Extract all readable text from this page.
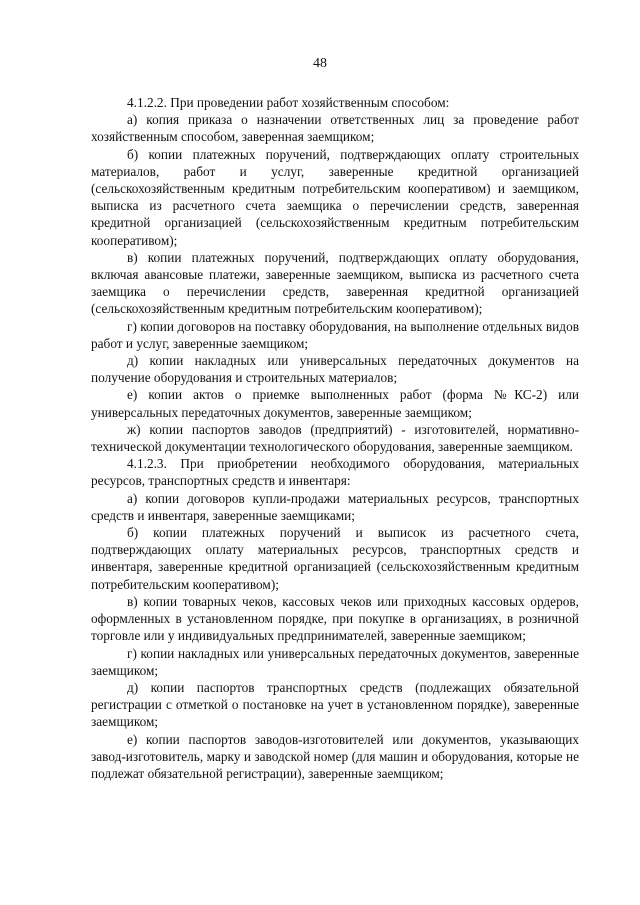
48

4.1.2.2. При проведении работ хозяйственным способом:

а) копия приказа о назначении ответственных лиц за проведение работ хозяйственным способом, заверенная заемщиком;

б) копии платежных поручений, подтверждающих оплату строительных материалов, работ и услуг, заверенные кредитной организацией (сельскохозяйственным кредитным потребительским кооперативом) и заемщиком, выписка из расчетного счета заемщика о перечислении средств, заверенная кредитной организацией (сельскохозяйственным кредитным потребительским кооперативом);

в) копии платежных поручений, подтверждающих оплату оборудования, включая авансовые платежи, заверенные заемщиком, выписка из расчетного счета заемщика о перечислении средств, заверенная кредитной организацией (сельскохозяйственным кредитным потребительским кооперативом);

г) копии договоров на поставку оборудования, на выполнение отдельных видов работ и услуг, заверенные заемщиком;

д) копии накладных или универсальных передаточных документов на получение оборудования и строительных материалов;

е) копии актов о приемке выполненных работ (форма №КС-2) или универсальных передаточных документов, заверенные заемщиком;

ж) копии паспортов заводов (предприятий) - изготовителей, нормативно-технической документации технологического оборудования, заверенные заемщиком.

4.1.2.3. При приобретении необходимого оборудования, материальных ресурсов, транспортных средств и инвентаря:

а) копии договоров купли-продажи материальных ресурсов, транспортных средств и инвентаря, заверенные заемщиками;

б) копии платежных поручений и выписок из расчетного счета, подтверждающих оплату материальных ресурсов, транспортных средств и инвентаря, заверенные кредитной организацией (сельскохозяйственным кредитным потребительским кооперативом);

в) копии товарных чеков, кассовых чеков или приходных кассовых ордеров, оформленных в установленном порядке, при покупке в организациях, в розничной торговле или у индивидуальных предпринимателей, заверенные заемщиком;

г) копии накладных или универсальных передаточных документов, заверенные заемщиком;

д) копии паспортов транспортных средств (подлежащих обязательной регистрации с отметкой о постановке на учет в установленном порядке), заверенные заемщиком;

е) копии паспортов заводов-изготовителей или документов, указывающих завод-изготовитель, марку и заводской номер (для машин и оборудования, которые не подлежат обязательной регистрации), заверенные заемщиком;
